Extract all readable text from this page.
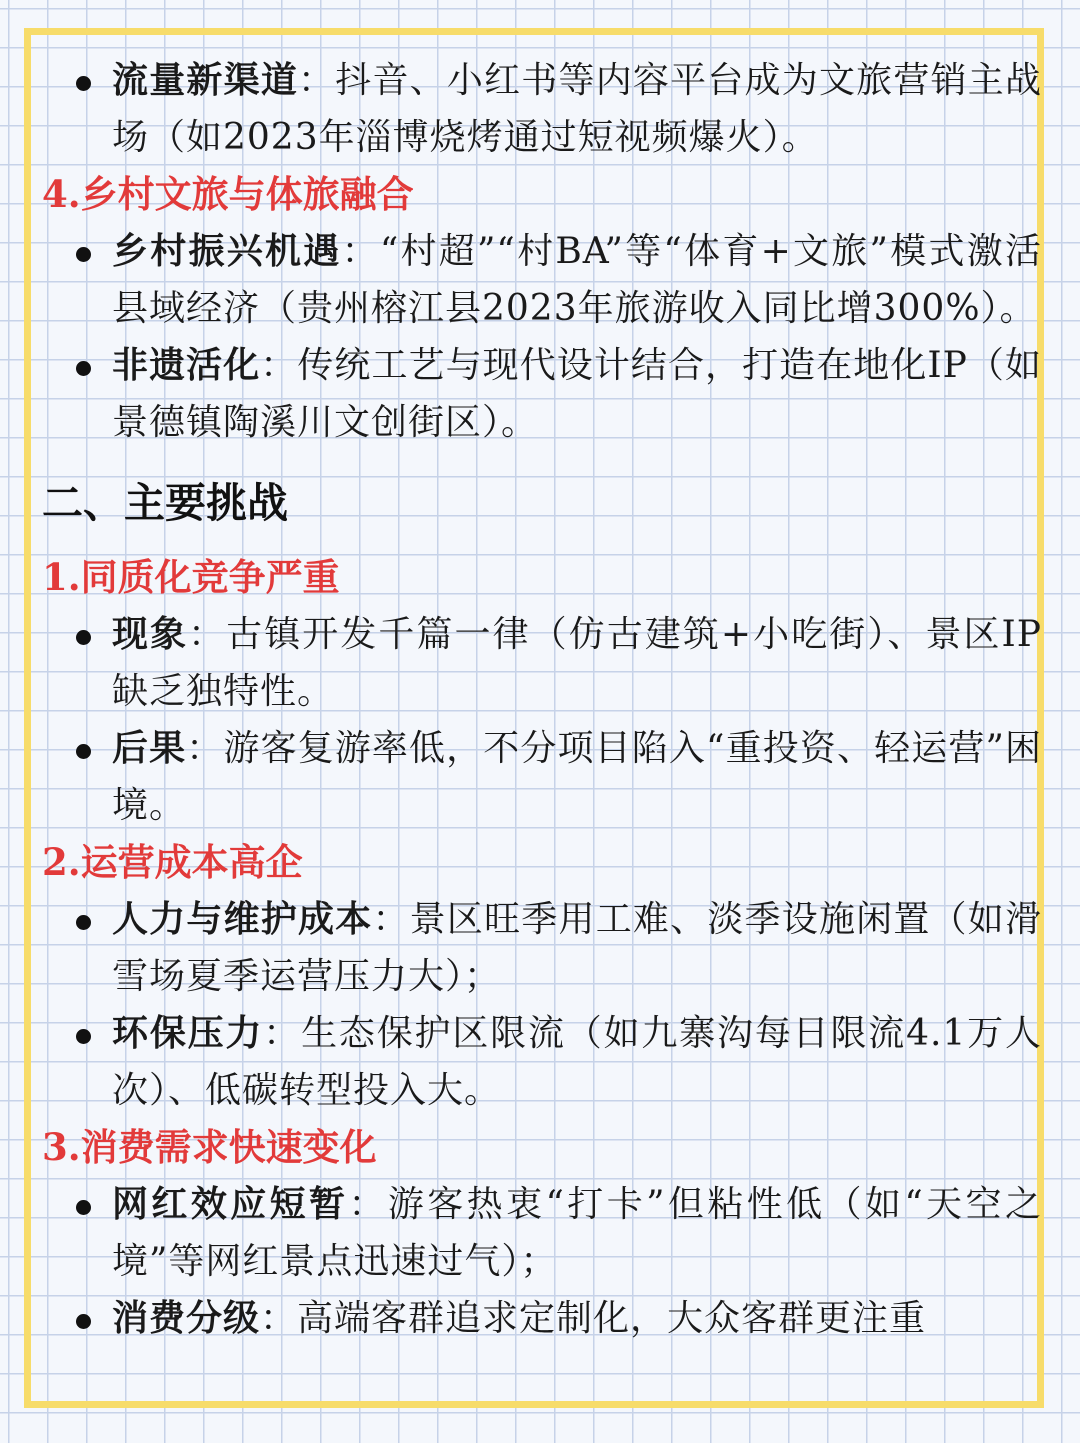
流量新渠道：抖音、小红书等内容平台成为文旅营销主战场（如2023年淄博烧烤通过短视频爆火）。
4.乡村文旅与体旅融合
乡村振兴机遇：“村超”“村BA”等“体育+文旅”模式激活县域经济（贵州榕江县2023年旅游收入同比增300%）。
非遗活化：传统工艺与现代设计结合，打造在地化IP（如景德镇陶溪川文创街区）。
二、主要挑战
1.同质化竞争严重
现象：古镇开发千篇一律（仿古建筑+小吃街）、景区IP缺乏独特性。
后果：游客复游率低，不分项目陷入“重投资、轻运营”困境。
2.运营成本高企
人力与维护成本：景区旺季用工难、淡季设施闲置（如滑雪场夏季运营压力大）；
环保压力：生态保护区限流（如九寨沟每日限流4.1万人次）、低碳转型投入大。
3.消费需求快速变化
网红效应短暂：游客热衷“打卡”但粘性低（如“天空之境”等网红景点迅速过气）；
消费分级：高端客群追求定制化，大众客群更注重
